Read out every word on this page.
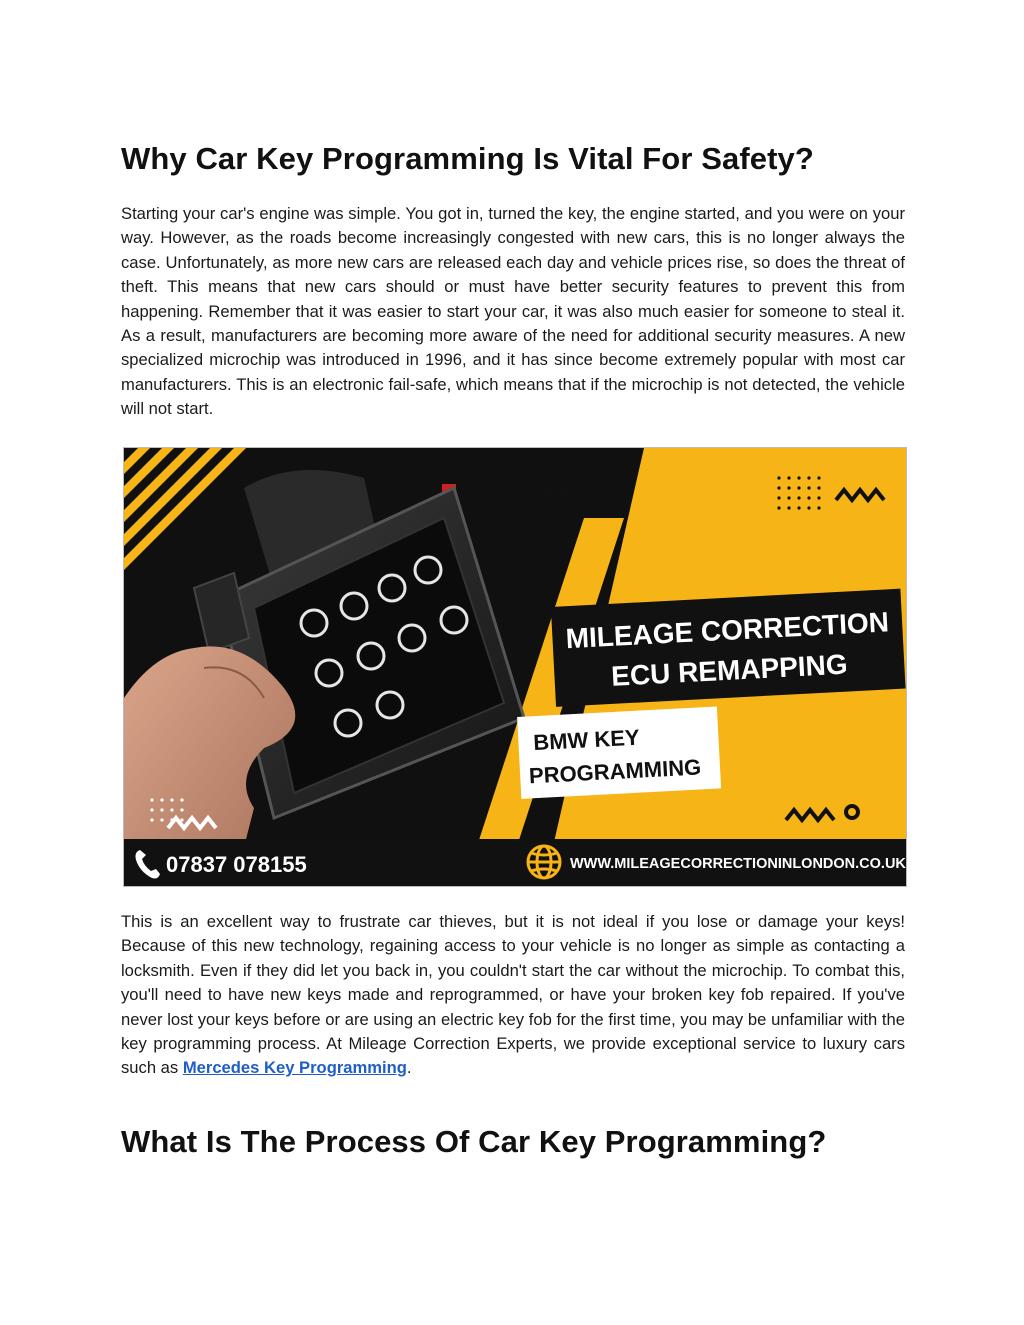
Why Car Key Programming Is Vital For Safety?

Starting your car's engine was simple. You got in, turned the key, the engine started, and you were on your way. However, as the roads become increasingly congested with new cars, this is no longer always the case. Unfortunately, as more new cars are released each day and vehicle prices rise, so does the threat of theft. This means that new cars should or must have better security features to prevent this from happening. Remember that it was easier to start your car, it was also much easier for someone to steal it. As a result, manufacturers are becoming more aware of the need for additional security measures. A new specialized microchip was introduced in 1996, and it has since become extremely popular with most car manufacturers. This is an electronic fail-safe, which means that if the microchip is not detected, the vehicle will not start.

MILEAGE CORRECTION
ECU REMAPPING
BMW KEY
PROGRAMMING
07837 078155	WWW.MILEAGECORRECTIONINLONDON.CO.UK

This is an excellent way to frustrate car thieves, but it is not ideal if you lose or damage your keys! Because of this new technology, regaining access to your vehicle is no longer as simple as contacting a locksmith. Even if they did let you back in, you couldn't start the car without the microchip. To combat this, you'll need to have new keys made and reprogrammed, or have your broken key fob repaired. If you've never lost your keys before or are using an electric key fob for the first time, you may be unfamiliar with the key programming process. At Mileage Correction Experts, we provide exceptional service to luxury cars such as Mercedes Key Programming.

What Is The Process Of Car Key Programming?
